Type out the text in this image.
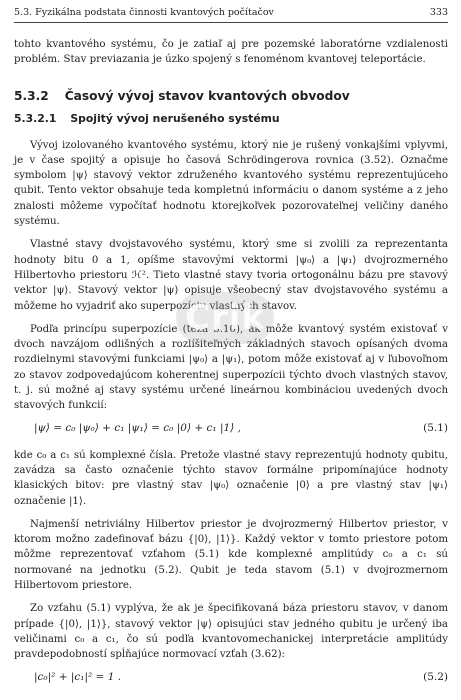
5.3. Fyzikálna podstata činnosti kvantových počítačov	333

tohto kvantového systému, čo je zatiaľ aj pre pozemské laboratórne vzdialenosti problém. Stav previazania je úzko spojený s fenoménom kvantovej teleportácie.

5.3.2 Časový vývoj stavov kvantových obvodov
5.3.2.1 Spojitý vývoj nerušeného systému

Vývoj izolovaného kvantového systému, ktorý nie je rušený vonkajšími vplyvmi, je v čase spojitý a opisuje ho časová Schrödingerova rovnica (3.52). Označme symbolom |ψ⟩ stavový vektor združeného kvantového systému reprezentujúceho qubit. Tento vektor obsahuje teda kompletnú informáciu o danom systéme a z jeho znalosti môžeme vypočítať hodnotu ktorejkoľvek pozorovateľnej veličiny daného systému.

Vlastné stavy dvojstavového systému, ktorý sme si zvolili za reprezentanta hodnoty bitu 0 a 1, opíšme stavovými vektormi |ψ₀⟩ a |ψ₁⟩ dvojrozmerného Hilbertovho priestoru ℋ². Tieto vlastné stavy tvoria ortogonálnu bázu pre stavový vektor |ψ⟩. Stavový vektor |ψ⟩ opisuje všeobecný stav dvojstavového systému a môžeme ho vyjadriť ako superpozíciu vlastných stavov.

Podľa princípu superpozície (téza 3.10), ak môže kvantový systém existovať v dvoch navzájom odlišných a rozlíšiteľných základných stavoch opísaných dvoma rozdielnymi stavovými funkciami |ψ₀⟩ a |ψ₁⟩, potom môže existovať aj v ľubovoľnom zo stavov zodpovedajúcom koherentnej superpozícii týchto dvoch vlastných stavov, t. j. sú možné aj stavy systému určené lineárnou kombináciou uvedených dvoch stavových funkcií:

|ψ⟩ = c₀ |ψ₀⟩ + c₁ |ψ₁⟩ = c₀ |0⟩ + c₁ |1⟩ ,	(5.1)

kde c₀ a c₁ sú komplexné čísla. Pretože vlastné stavy reprezentujú hodnoty qubitu, zavádza sa často označenie týchto stavov formálne pripomínajúce hodnoty klasických bitov: pre vlastný stav |ψ₀⟩ označenie |0⟩ a pre vlastný stav |ψ₁⟩ označenie |1⟩.

Najmenší netriviálny Hilbertov priestor je dvojrozmerný Hilbertov priestor, v ktorom možno zadefinovať bázu {|0⟩, |1⟩}. Každý vektor v tomto priestore potom môžme reprezentovať vzťahom (5.1) kde komplexné amplitúdy c₀ a c₁ sú normované na jednotku (5.2). Qubit je teda stavom (5.1) v dvojrozmernom Hilbertovom priestore.

Zo vzťahu (5.1) vyplýva, že ak je špecifikovaná báza priestoru stavov, v danom prípade {|0⟩, |1⟩}, stavový vektor |ψ⟩ opisujúci stav jedného qubitu je určený iba veličinami c₀ a c₁, čo sú podľa kvantovomechanickej interpretácie amplitúdy pravdepodobností spĺňajúce normovací vzťah (3.62):

|c₀|² + |c₁|² = 1 .	(5.2)
Crik
